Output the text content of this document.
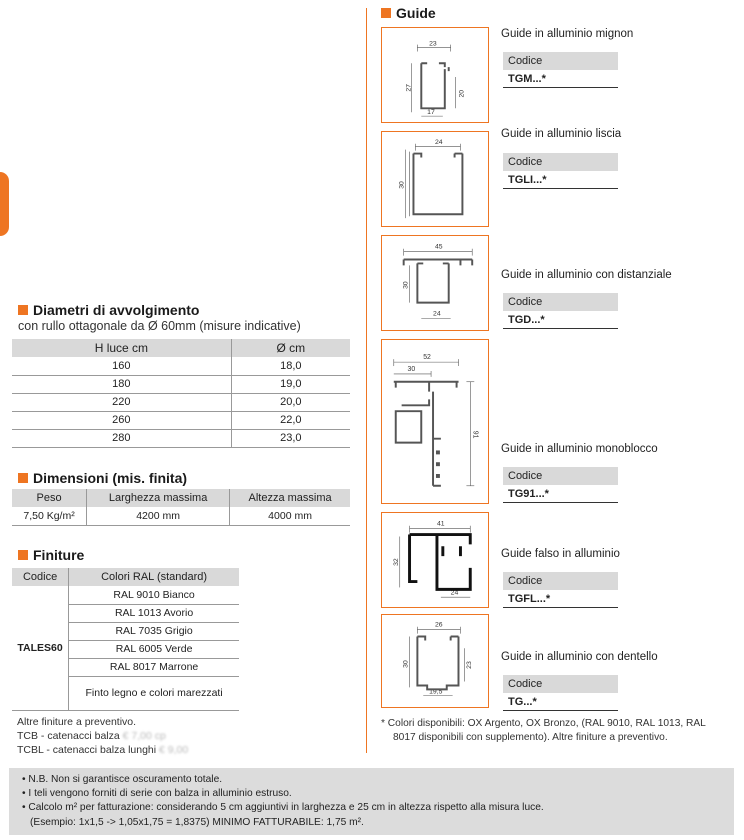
Diametri di avvolgimento
con rullo ottagonale da Ø 60mm (misure indicative)
H luce cm	Ø cm
160	18,0
180	19,0
220	20,0
260	22,0
280	23,0
Dimensioni (mis. finita)
Peso	Larghezza massima	Altezza massima
7,50 Kg/m²	4200 mm	4000 mm
Finiture
Codice	Colori RAL (standard)
TALES60	RAL 9010 Bianco
	RAL 1013 Avorio
	RAL 7035 Grigio
	RAL 6005 Verde
	RAL 8017 Marrone
	Finto legno e colori marezzati
Altre finiture a preventivo.
TCB - catenacci balza € 7,00 cp
TCBL - catenacci balza lunghi € 9,00
Guide
23
27
20
17
Guide in alluminio mignon
Codice
TGM...*
24
30
Guide in alluminio liscia
Codice
TGLI...*
45
30
24
Guide in alluminio con distanziale
Codice
TGD...*
52
30
91
Guide in alluminio monoblocco
Codice
TG91...*
41
32
24
Guide falso in alluminio
Codice
TGFL...*
26
30	23
19,5
Guide in alluminio con dentello
Codice
TG...*
* Colori disponibili: OX Argento, OX Bronzo, (RAL 9010, RAL 1013, RAL 8017 disponibili con supplemento). Altre finiture a preventivo.
• N.B. Non si garantisce oscuramento totale.
• I teli vengono forniti di serie con balza in alluminio estruso.
• Calcolo m² per fatturazione: considerando 5 cm aggiuntivi in larghezza e 25 cm in altezza rispetto alla misura luce.
(Esempio: 1x1,5 -> 1,05x1,75 = 1,8375) MINIMO FATTURABILE: 1,75 m².
